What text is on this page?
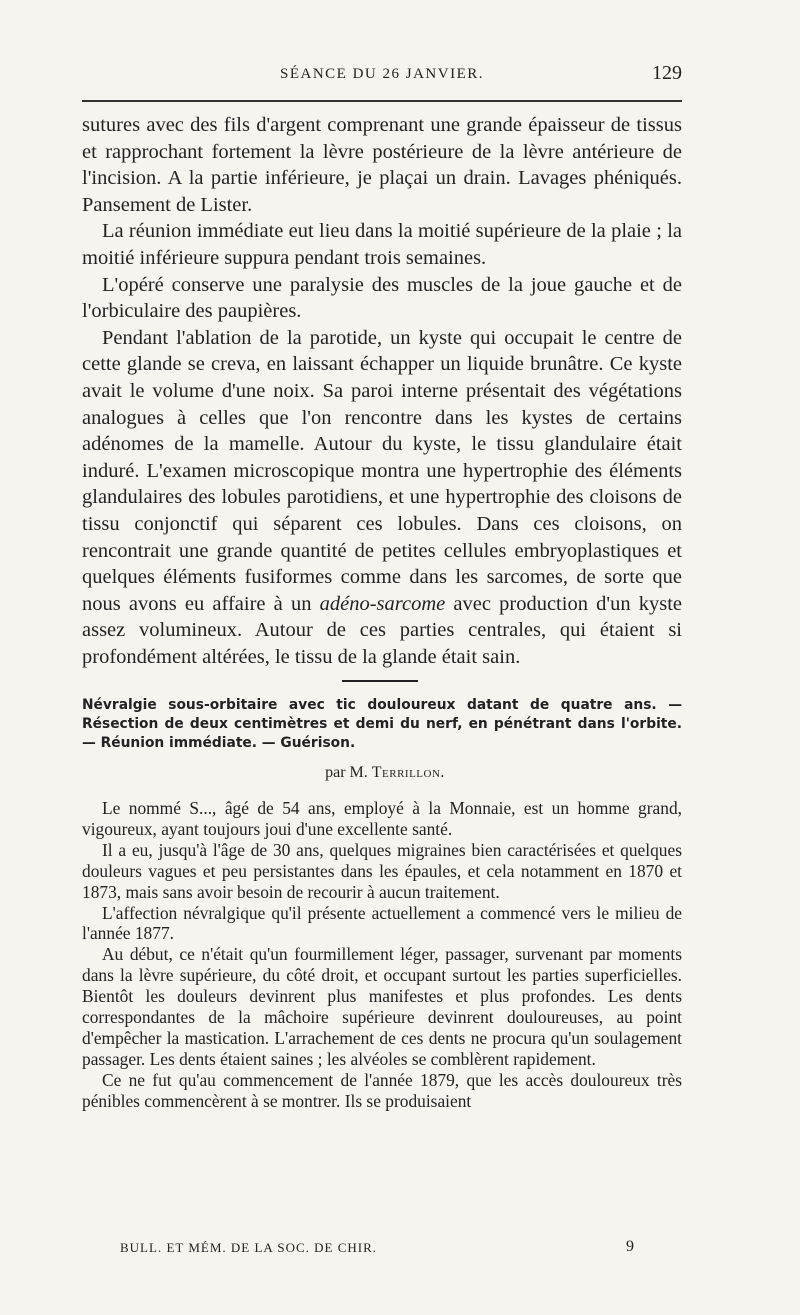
SÉANCE DU 26 JANVIER.	129

sutures avec des fils d'argent comprenant une grande épaisseur de tissus et rapprochant fortement la lèvre postérieure de la lèvre antérieure de l'incision. A la partie inférieure, je plaçai un drain. Lavages phéniqués. Pansement de Lister.

La réunion immédiate eut lieu dans la moitié supérieure de la plaie ; la moitié inférieure suppura pendant trois semaines.

L'opéré conserve une paralysie des muscles de la joue gauche et de l'orbiculaire des paupières.

Pendant l'ablation de la parotide, un kyste qui occupait le centre de cette glande se creva, en laissant échapper un liquide brunâtre. Ce kyste avait le volume d'une noix. Sa paroi interne présentait des végétations analogues à celles que l'on rencontre dans les kystes de certains adénomes de la mamelle. Autour du kyste, le tissu glandulaire était induré. L'examen microscopique montra une hypertrophie des éléments glandulaires des lobules parotidiens, et une hypertrophie des cloisons de tissu conjonctif qui séparent ces lobules. Dans ces cloisons, on rencontrait une grande quantité de petites cellules embryoplastiques et quelques éléments fusiformes comme dans les sarcomes, de sorte que nous avons eu affaire à un adéno-sarcome avec production d'un kyste assez volumineux. Autour de ces parties centrales, qui étaient si profondément altérées, le tissu de la glande était sain.

Névralgie sous-orbitaire avec tic douloureux datant de quatre ans. — Résection de deux centimètres et demi du nerf, en pénétrant dans l'orbite. — Réunion immédiate. — Guérison.
par M. Terrillon.

Le nommé S..., âgé de 54 ans, employé à la Monnaie, est un homme grand, vigoureux, ayant toujours joui d'une excellente santé.

Il a eu, jusqu'à l'âge de 30 ans, quelques migraines bien caractérisées et quelques douleurs vagues et peu persistantes dans les épaules, et cela notamment en 1870 et 1873, mais sans avoir besoin de recourir à aucun traitement.

L'affection névralgique qu'il présente actuellement a commencé vers le milieu de l'année 1877.

Au début, ce n'était qu'un fourmillement léger, passager, survenant par moments dans la lèvre supérieure, du côté droit, et occupant surtout les parties superficielles. Bientôt les douleurs devinrent plus manifestes et plus profondes. Les dents correspondantes de la mâchoire supérieure devinrent douloureuses, au point d'empêcher la mastication. L'arrachement de ces dents ne procura qu'un soulagement passager. Les dents étaient saines ; les alvéoles se comblèrent rapidement.

Ce ne fut qu'au commencement de l'année 1879, que les accès douloureux très pénibles commencèrent à se montrer. Ils se produisaient

BULL. ET MÉM. DE LA SOC. DE CHIR.	9
